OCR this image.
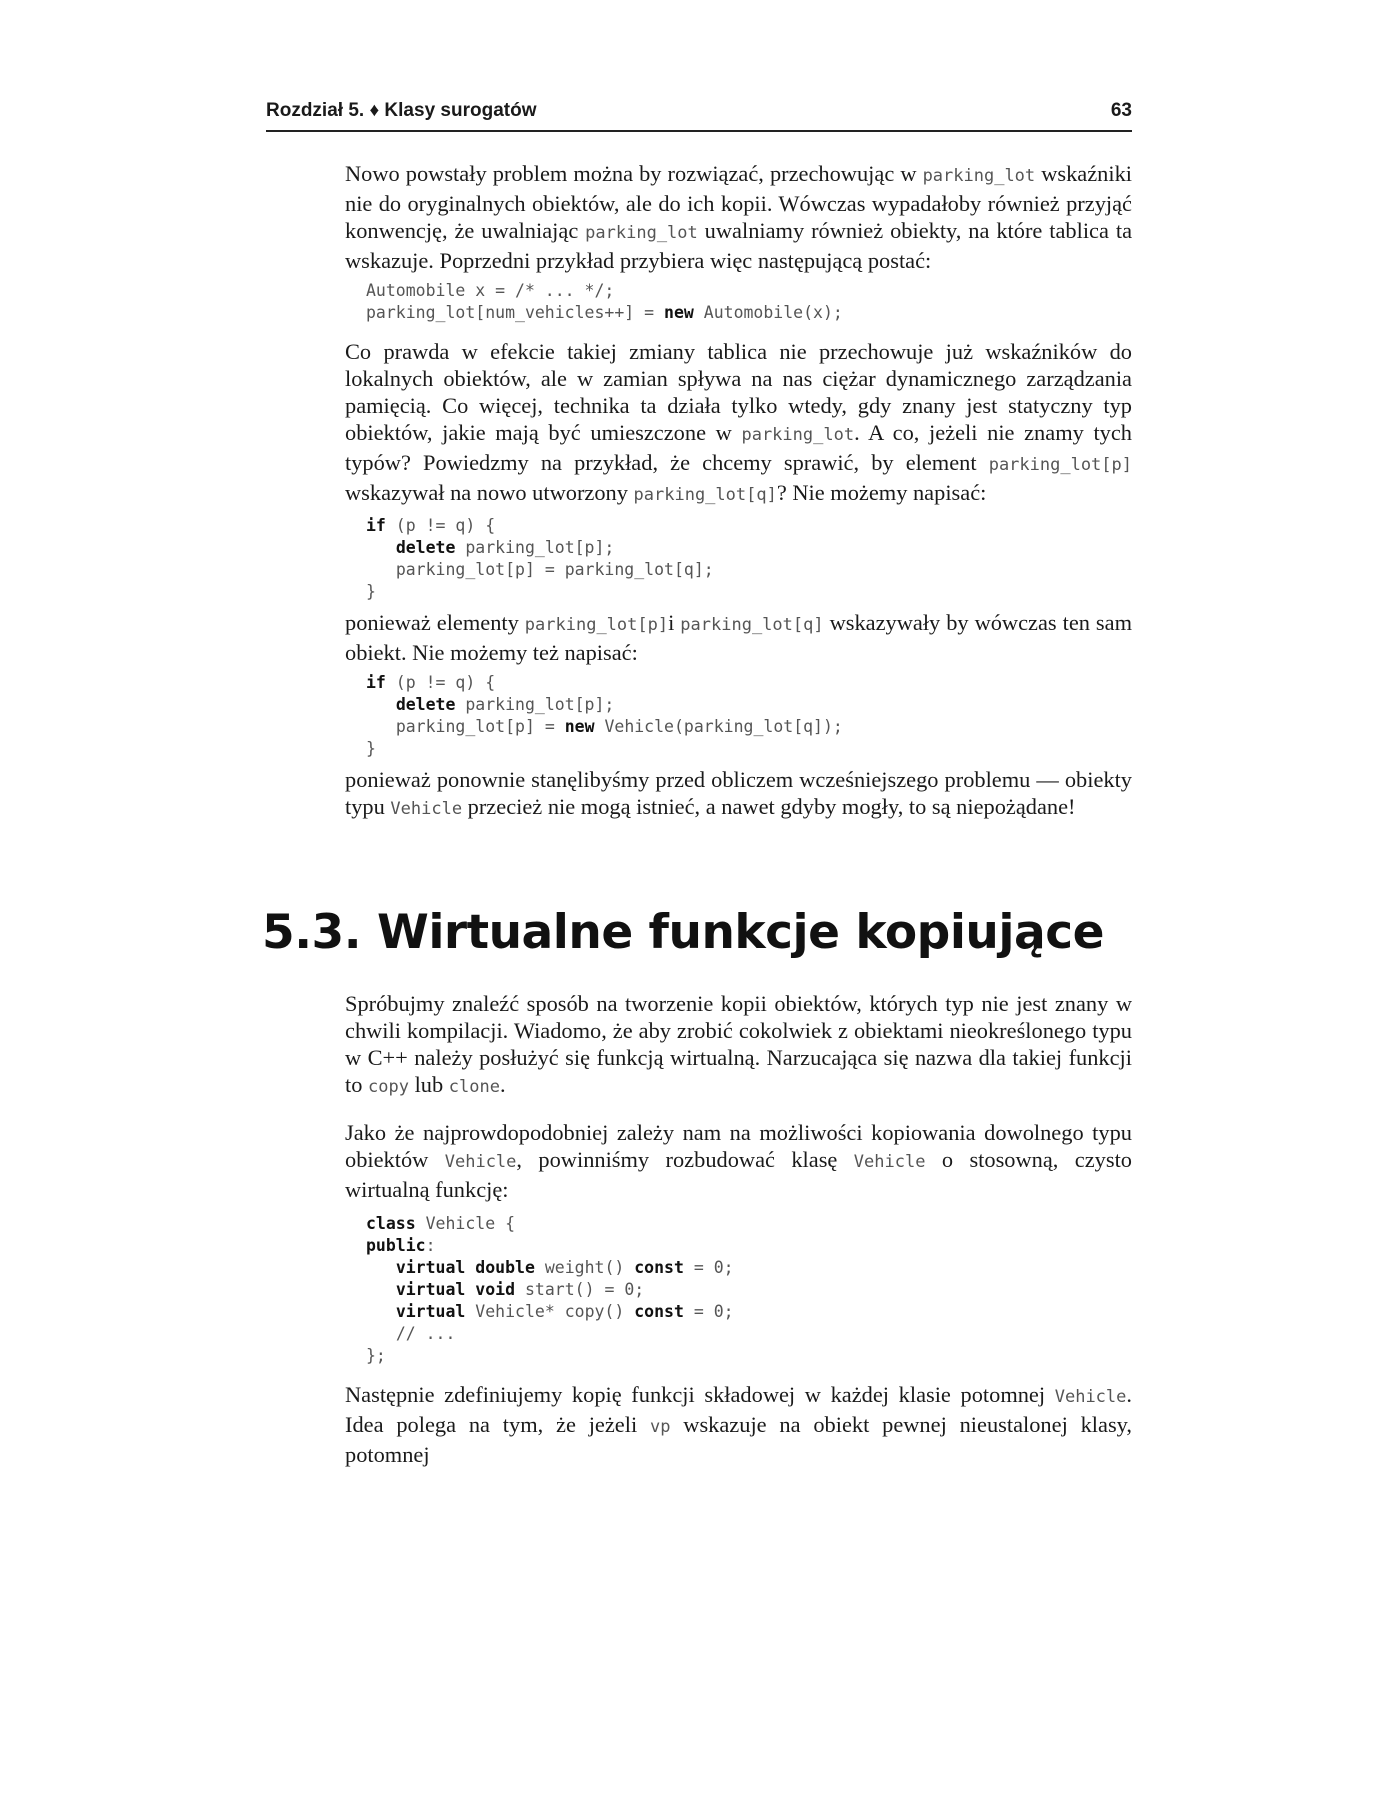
Rozdział 5. ♦ Klasy surogatów	63

Nowo powstały problem można by rozwiązać, przechowując w parking_lot wskaźniki nie do oryginalnych obiektów, ale do ich kopii. Wówczas wypadałoby również przyjąć konwencję, że uwalniając parking_lot uwalniamy również obiekty, na które tablica ta wskazuje. Poprzedni przykład przybiera więc następującą postać:

Automobile x = /* ... */;
parking_lot[num_vehicles++] = new Automobile(x);

Co prawda w efekcie takiej zmiany tablica nie przechowuje już wskaźników do lokalnych obiektów, ale w zamian spływa na nas ciężar dynamicznego zarządzania pamięcią. Co więcej, technika ta działa tylko wtedy, gdy znany jest statyczny typ obiektów, jakie mają być umieszczone w parking_lot. A co, jeżeli nie znamy tych typów? Powiedzmy na przykład, że chcemy sprawić, by element parking_lot[p] wskazywał na nowo utworzony parking_lot[q]? Nie możemy napisać:

if (p != q) {
delete parking_lot[p];
parking_lot[p] = parking_lot[q];
}

ponieważ elementy parking_lot[p]i parking_lot[q] wskazywały by wówczas ten sam obiekt. Nie możemy też napisać:

if (p != q) {
delete parking_lot[p];
parking_lot[p] = new Vehicle(parking_lot[q]);
}

ponieważ ponownie stanęlibyśmy przed obliczem wcześniejszego problemu — obiekty typu Vehicle przecież nie mogą istnieć, a nawet gdyby mogły, to są niepożądane!

5.3. Wirtualne funkcje kopiujące

Spróbujmy znaleźć sposób na tworzenie kopii obiektów, których typ nie jest znany w chwili kompilacji. Wiadomo, że aby zrobić cokolwiek z obiektami nieokreślonego typu w C++ należy posłużyć się funkcją wirtualną. Narzucająca się nazwa dla takiej funkcji to copy lub clone.

Jako że najprowdopodobniej zależy nam na możliwości kopiowania dowolnego typu obiektów Vehicle, powinniśmy rozbudować klasę Vehicle o stosowną, czysto wirtualną funkcję:

class Vehicle {
public:
virtual double weight() const = 0;
virtual void start() = 0;
virtual Vehicle* copy() const = 0;
// ...
};

Następnie zdefiniujemy kopię funkcji składowej w każdej klasie potomnej Vehicle. Idea polega na tym, że jeżeli vp wskazuje na obiekt pewnej nieustalonej klasy, potomnej
